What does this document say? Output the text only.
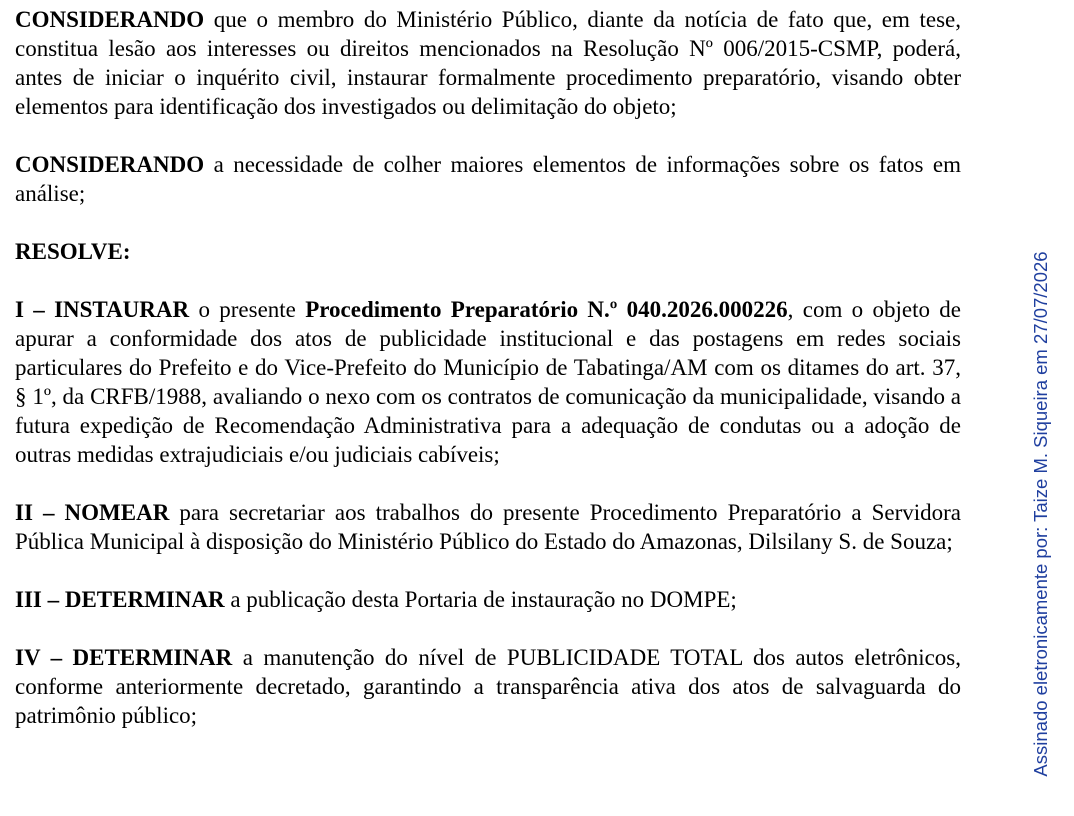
CONSIDERANDO que o membro do Ministério Público, diante da notícia de fato que, em tese, constitua lesão aos interesses ou direitos mencionados na Resolução Nº 006/2015-CSMP, poderá, antes de iniciar o inquérito civil, instaurar formalmente procedimento preparatório, visando obter elementos para identificação dos investigados ou delimitação do objeto;

CONSIDERANDO a necessidade de colher maiores elementos de informações sobre os fatos em análise;

RESOLVE:

I – INSTAURAR o presente Procedimento Preparatório N.º 040.2026.000226, com o objeto de apurar a conformidade dos atos de publicidade institucional e das postagens em redes sociais particulares do Prefeito e do Vice-Prefeito do Município de Tabatinga/AM com os ditames do art. 37, § 1º, da CRFB/1988, avaliando o nexo com os contratos de comunicação da municipalidade, visando a futura expedição de Recomendação Administrativa para a adequação de condutas ou a adoção de outras medidas extrajudiciais e/ou judiciais cabíveis;

II – NOMEAR para secretariar aos trabalhos do presente Procedimento Preparatório a Servidora Pública Municipal à disposição do Ministério Público do Estado do Amazonas, Dilsilany S. de Souza;

III – DETERMINAR a publicação desta Portaria de instauração no DOMPE;

IV – DETERMINAR a manutenção do nível de PUBLICIDADE TOTAL dos autos eletrônicos, conforme anteriormente decretado, garantindo a transparência ativa dos atos de salvaguarda do patrimônio público;	Assinado eletronicamente por: Taize M. Siqueira em 27/07/2026
